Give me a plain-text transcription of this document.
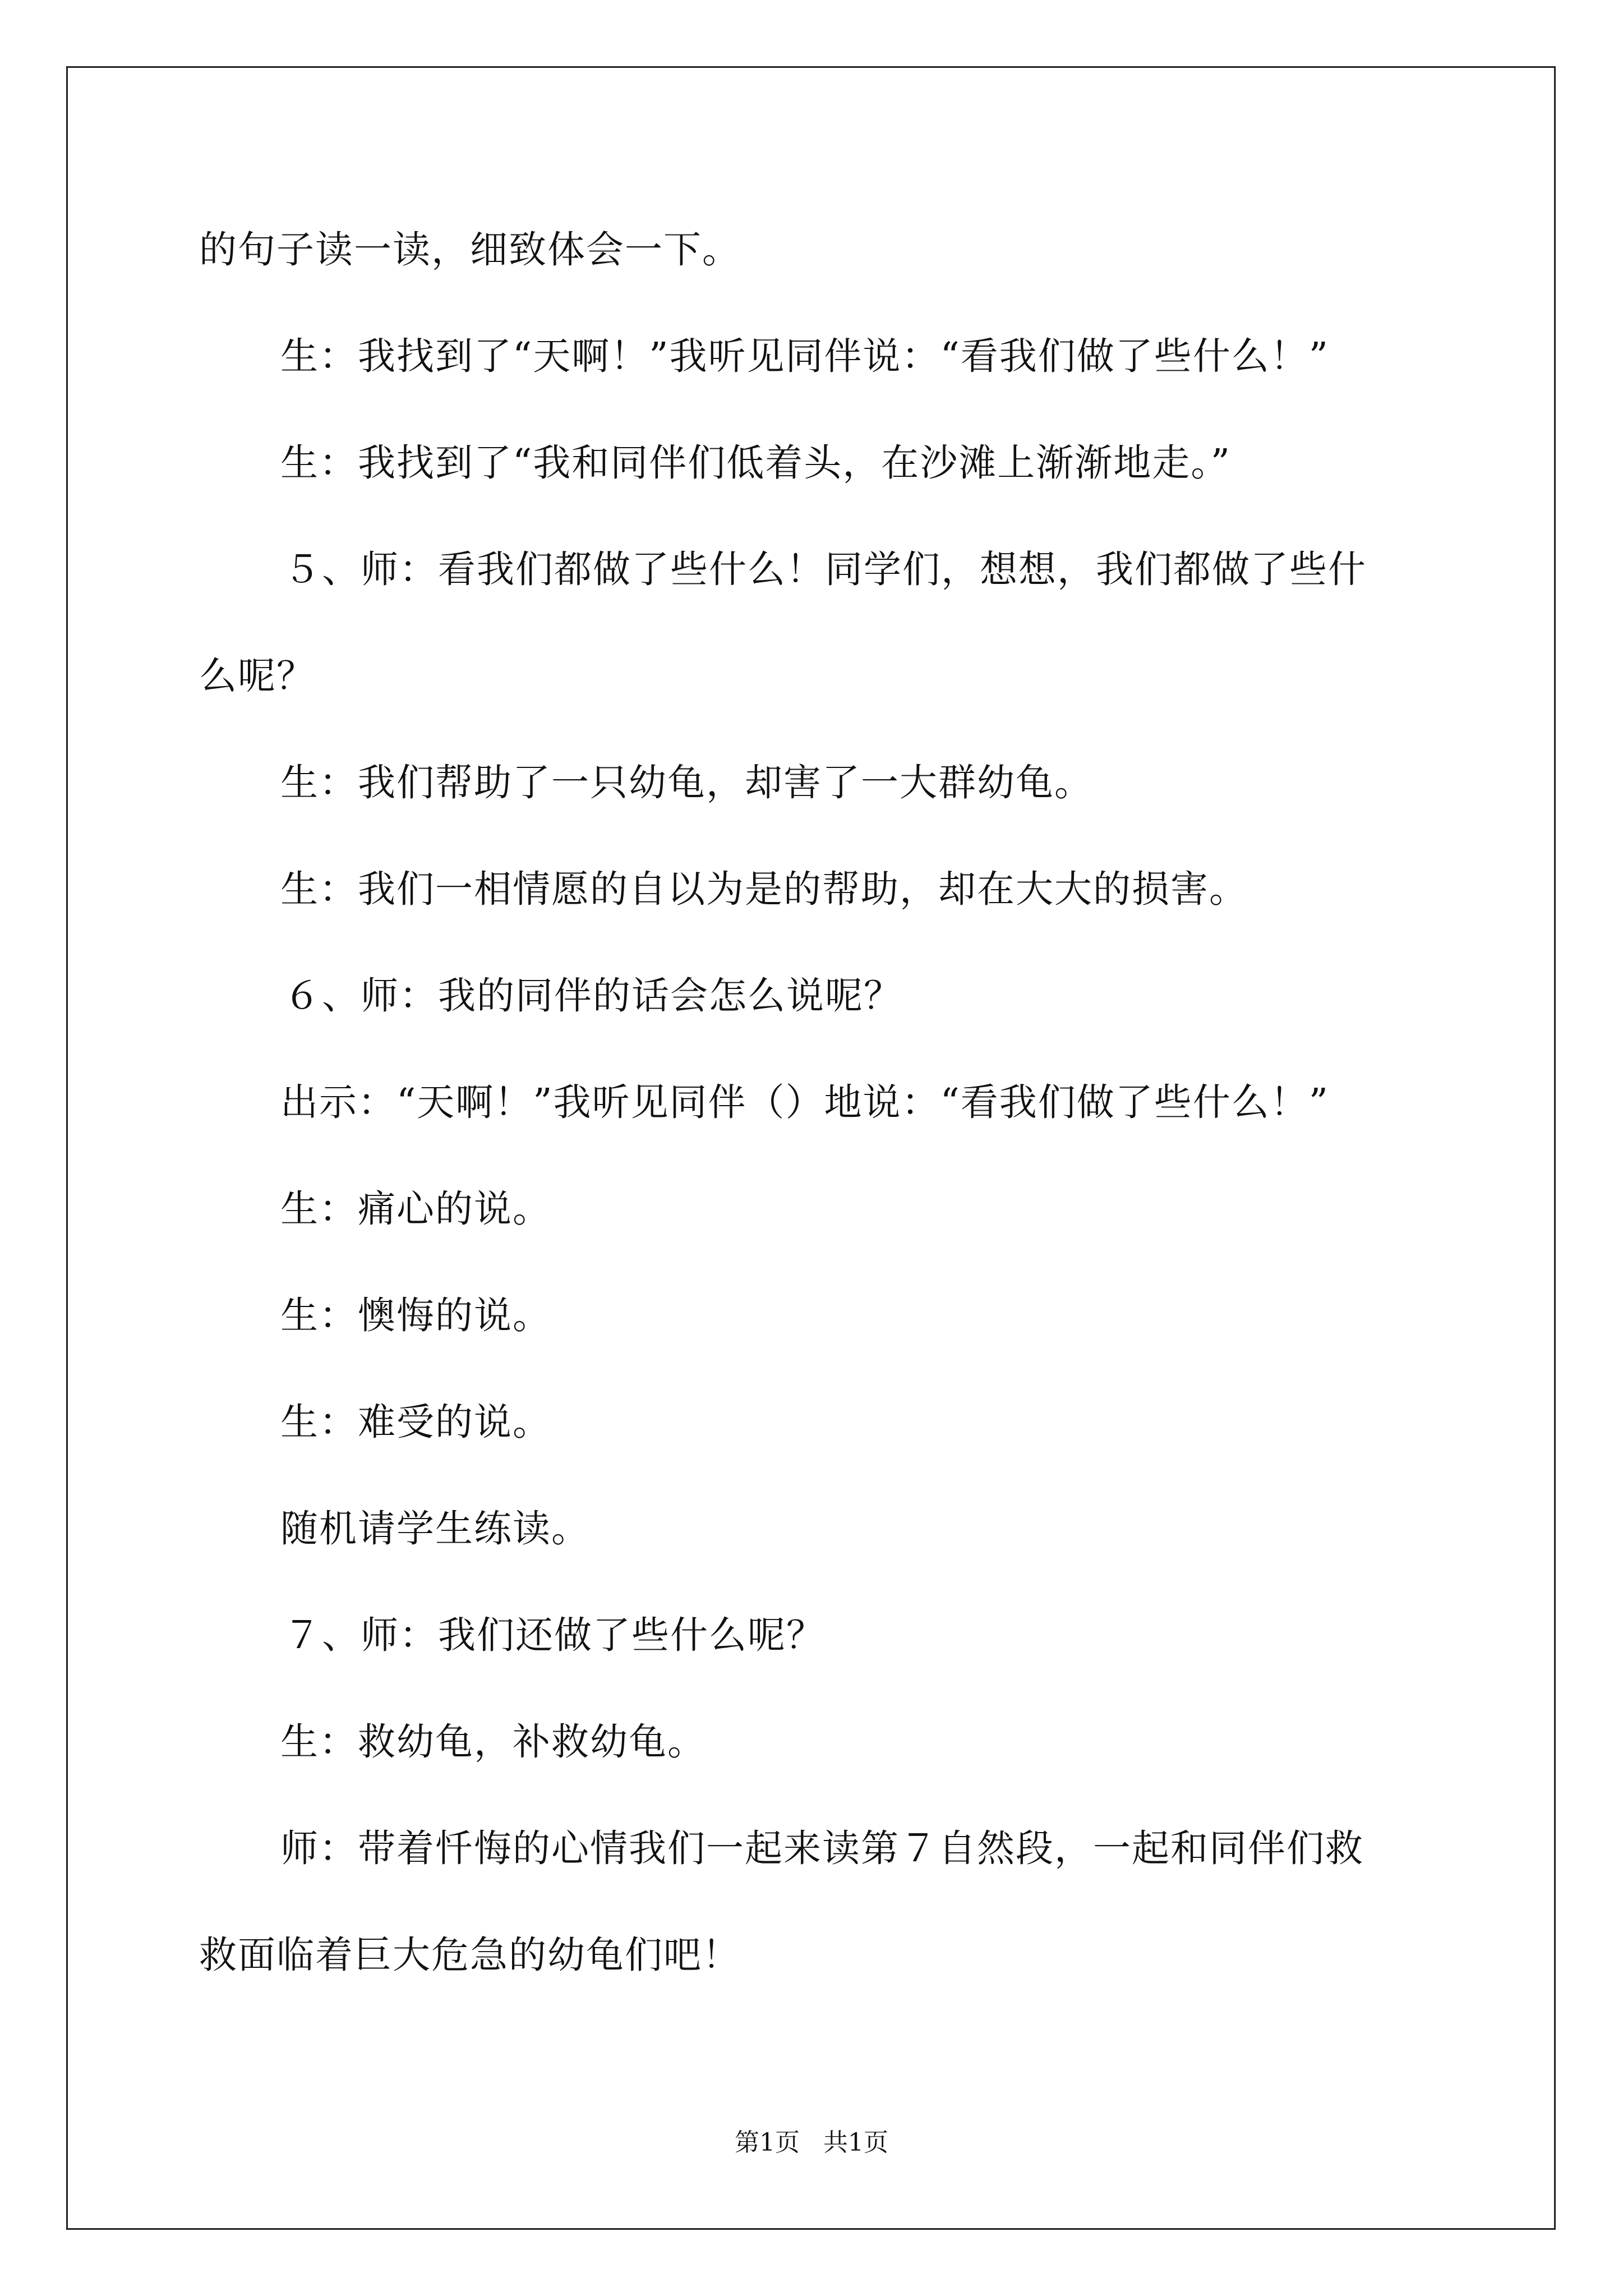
的句子读一读，细致体会一下。
生：我找到了“天啊！”我听见同伴说：“看我们做了些什么！”
生：我找到了“我和同伴们低着头，在沙滩上渐渐地走。”
５、师：看我们都做了些什么！同学们，想想，我们都做了些什
么呢？
生：我们帮助了一只幼龟，却害了一大群幼龟。
生：我们一相情愿的自以为是的帮助，却在大大的损害。
６、师：我的同伴的话会怎么说呢？
出示：“天啊！”我听见同伴（）地说：“看我们做了些什么！”
生：痛心的说。
生：懊悔的说。
生：难受的说。
随机请学生练读。
７、师：我们还做了些什么呢？
生：救幼龟，补救幼龟。
师：带着忏悔的心情我们一起来读第７自然段，一起和同伴们救
救面临着巨大危急的幼龟们吧！
第1页 共1页
